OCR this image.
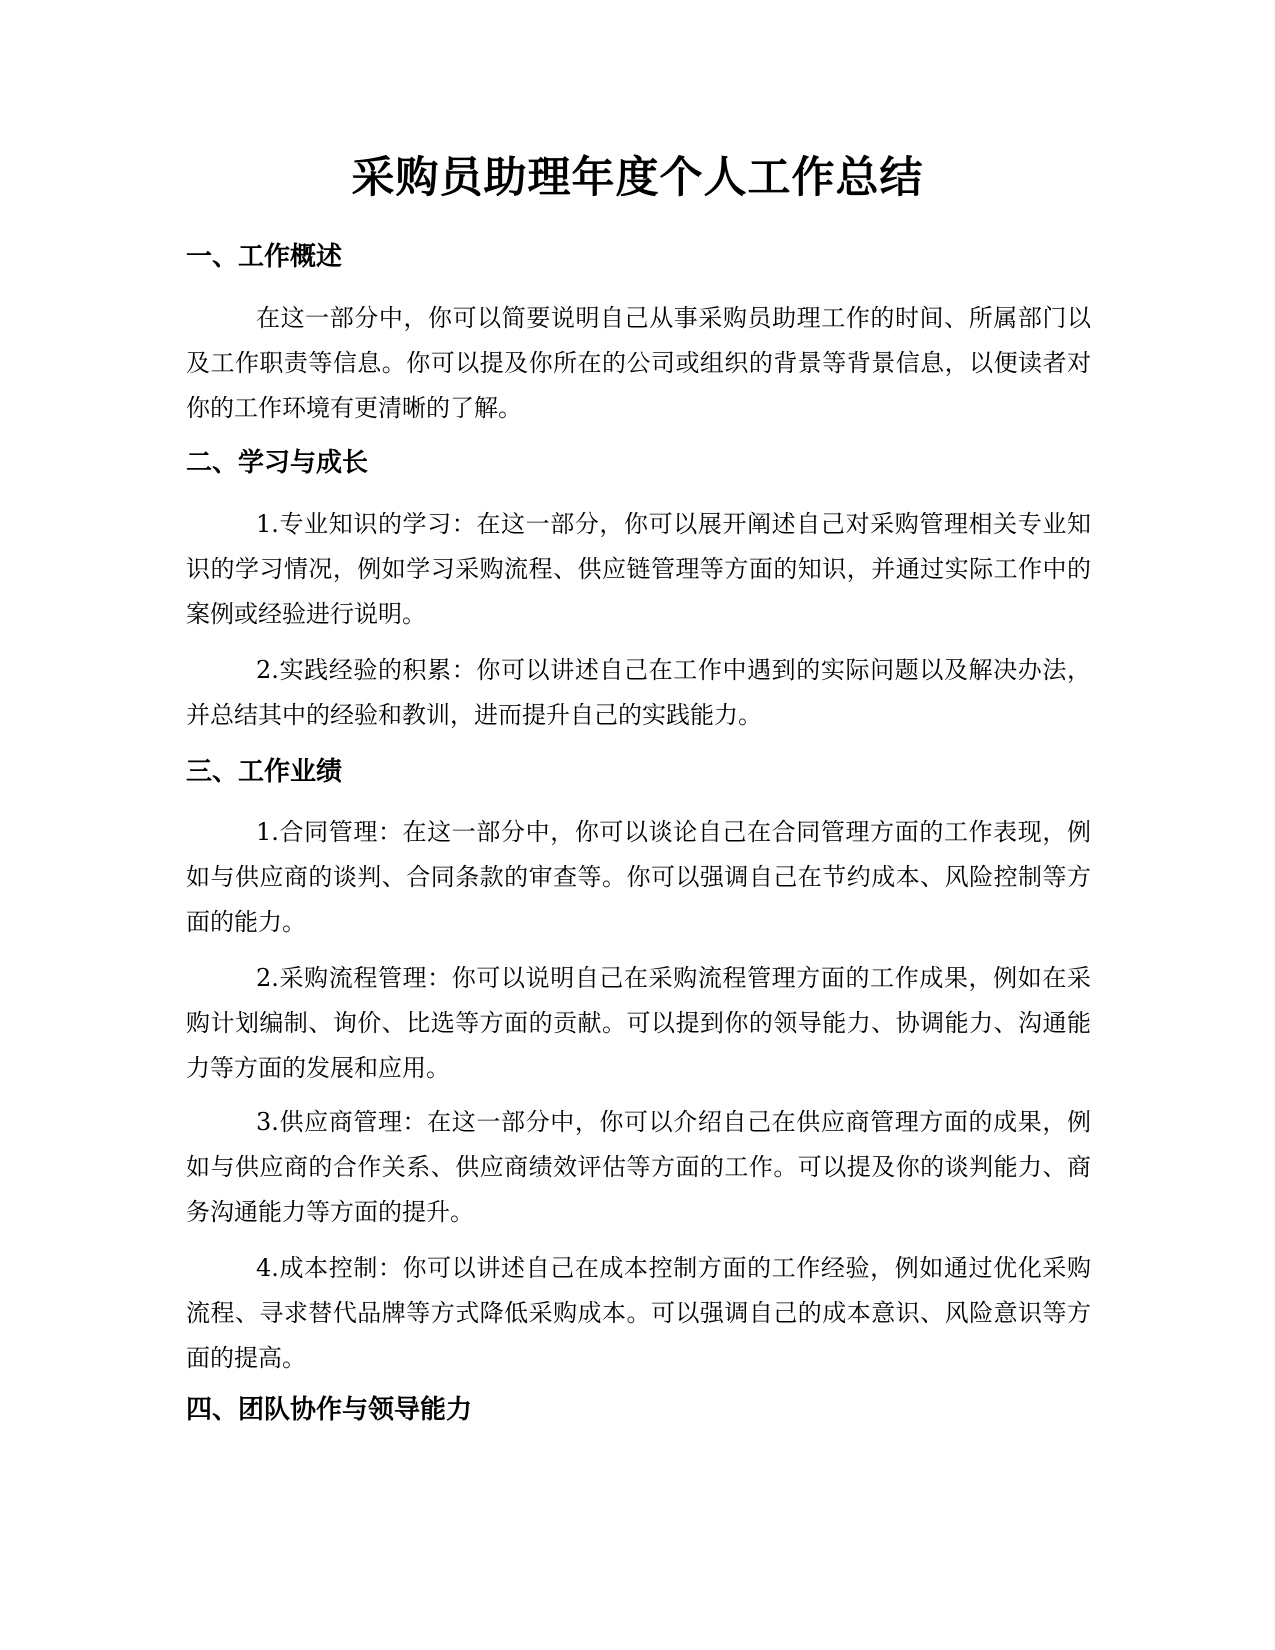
采购员助理年度个人工作总结
一、工作概述

在这一部分中，你可以简要说明自己从事采购员助理工作的时间、所属部门以及工作职责等信息。你可以提及你所在的公司或组织的背景等背景信息，以便读者对你的工作环境有更清晰的了解。

二、学习与成长

1.专业知识的学习：在这一部分，你可以展开阐述自己对采购管理相关专业知识的学习情况，例如学习采购流程、供应链管理等方面的知识，并通过实际工作中的案例或经验进行说明。

2.实践经验的积累：你可以讲述自己在工作中遇到的实际问题以及解决办法，并总结其中的经验和教训，进而提升自己的实践能力。

三、工作业绩

1.合同管理：在这一部分中，你可以谈论自己在合同管理方面的工作表现，例如与供应商的谈判、合同条款的审查等。你可以强调自己在节约成本、风险控制等方面的能力。

2.采购流程管理：你可以说明自己在采购流程管理方面的工作成果，例如在采购计划编制、询价、比选等方面的贡献。可以提到你的领导能力、协调能力、沟通能力等方面的发展和应用。

3.供应商管理：在这一部分中，你可以介绍自己在供应商管理方面的成果，例如与供应商的合作关系、供应商绩效评估等方面的工作。可以提及你的谈判能力、商务沟通能力等方面的提升。

4.成本控制：你可以讲述自己在成本控制方面的工作经验，例如通过优化采购流程、寻求替代品牌等方式降低采购成本。可以强调自己的成本意识、风险意识等方面的提高。

四、团队协作与领导能力
